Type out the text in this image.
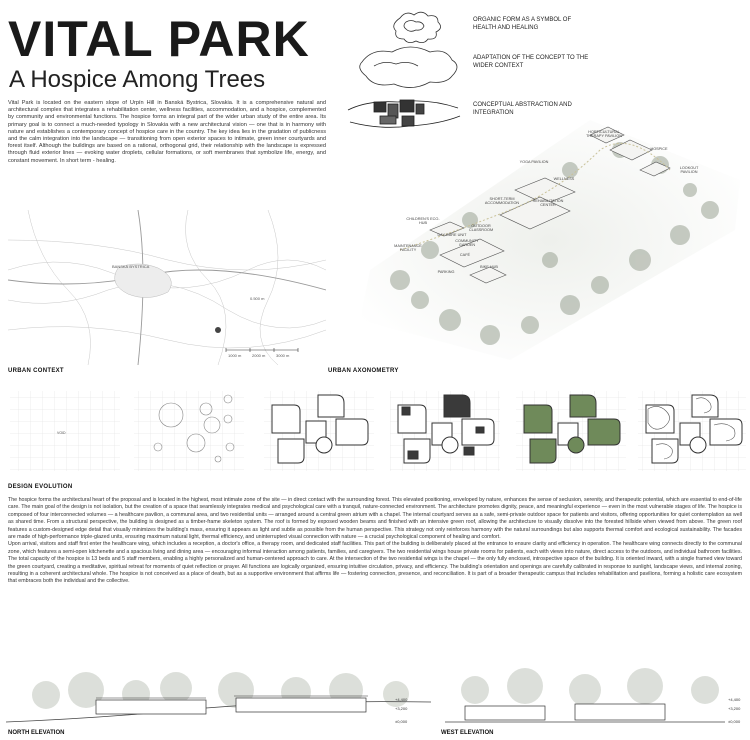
VITAL PARK
A Hospice Among Trees
Vital Park is located on the eastern slope of Urpín Hill in Banská Bystrica, Slovakia. It is a comprehensive natural and architectural complex that integrates a rehabilitation center, wellness facilities, accommodation, and a hospice, complemented by community and environmental functions. The hospice forms an integral part of the wider urban study of the entire area. Its primary goal is to connect a much-needed typology in Slovakia with a new architectural vision — one that is in harmony with nature and establishes a contemporary concept of hospice care in the country. The key idea lies in the gradation of publicness and the calm integration into the landscape — transitioning from open exterior spaces to intimate, green inner courtyards and forest itself. Although the buildings are based on a rational, orthogonal grid, their relationship with the landscape is expressed through fluid exterior lines — evoking water droplets, cellular formations, or soft membranes that symbolize life, energy, and constant movement. In short term - healing.
ORGANIC FORM AS A SYMBOL OF HEALTH AND HEALING
ADAPTATION OF THE CONCEPT TO THE WIDER CONTEXT
CONCEPTUAL ABSTRACTION AND INTEGRATION
HORTICULTURAL THERAPY PAVILION
HOSPICE
LOOKOUT PAVILION
YOGA PAVILION
WELLNESS
SHORT-TERM ACCOMMODATION
REHABILITATION CENTER
CHILDREN'S ECO-HUB
OUTDOOR CLASSROOM
DAY CARE UNIT
COMMUNITY GARDEN
MAINTENANCE FACILITY
CAFÉ
PARKING
BIKE HUB
BANSKÁ BYSTRICA
0.500 m
1000 m	2000 m	3000 m
URBAN CONTEXT	URBAN AXONOMETRY
VOID
DESIGN EVOLUTION

The hospice forms the architectural heart of the proposal and is located in the highest, most intimate zone of the site — in direct contact with the surrounding forest. This elevated positioning, enveloped by nature, enhances the sense of seclusion, serenity, and therapeutic potential, which are essential to end-of-life care. The main goal of the design is not isolation, but the creation of a space that seamlessly integrates medical and psychological care with a tranquil, nature-connected environment. The architecture promotes dignity, peace, and meaningful experience — even in the most vulnerable stages of life. The hospice is composed of four interconnected volumes — a healthcare pavilion, a communal area, and two residential units — arranged around a central green atrium with a chapel. The internal courtyard serves as a safe, semi-private outdoor space for patients and visitors, offering opportunities for quiet contemplation as well as shared time. From a structural perspective, the building is designed as a timber-frame skeleton system. The roof is formed by exposed wooden beams and finished with an intensive green roof, allowing the architecture to visually dissolve into the forested hillside when viewed from above. The green roof features a custom-designed edge detail that visually minimizes the building's mass, ensuring it appears as light and subtle as possible from the human perspective. This strategy not only reinforces harmony with the natural surroundings but also supports thermal comfort and ecological sustainability. The facades are made of high-performance triple-glazed units, ensuring maximum natural light, thermal efficiency, and uninterrupted visual connection with nature — a crucial psychological component of healing and comfort.

Upon arrival, visitors and staff first enter the healthcare wing, which includes a reception, a doctor's office, a therapy room, and dedicated staff facilities. This part of the building is deliberately placed at the entrance to ensure clarity and efficiency in operation. The healthcare wing connects directly to the communal zone, which features a semi-open kitchenette and a spacious living and dining area — encouraging informal interaction among patients, families, and caregivers. The two residential wings house private rooms for patients, each with views into nature, direct access to the outdoors, and individual bathroom facilities. The total capacity of the hospice is 13 beds and 5 staff members, enabling a highly personalized and human-centered approach to care. At the intersection of the two residential wings is the chapel — the only fully enclosed, introspective space of the building. It is oriented inward, with a single framed view toward the green courtyard, creating a meditative, spiritual retreat for moments of quiet reflection or prayer. All functions are logically organized, ensuring intuitive circulation, privacy, and efficiency. The building's orientation and openings are carefully calibrated in response to sunlight, landscape views, and internal zoning, resulting in a coherent architectural whole. The hospice is not conceived as a place of death, but as a supportive environment that affirms life — fostering connection, presence, and reconciliation. It is part of a broader therapeutic campus that includes rehabilitation and pavilions, forming a holistic care ecosystem that embraces both the individual and the collective.

+4,400
+3,200
±0,000
+4,400
+3,200
±0,000
NORTH ELEVATION	WEST ELEVATION
